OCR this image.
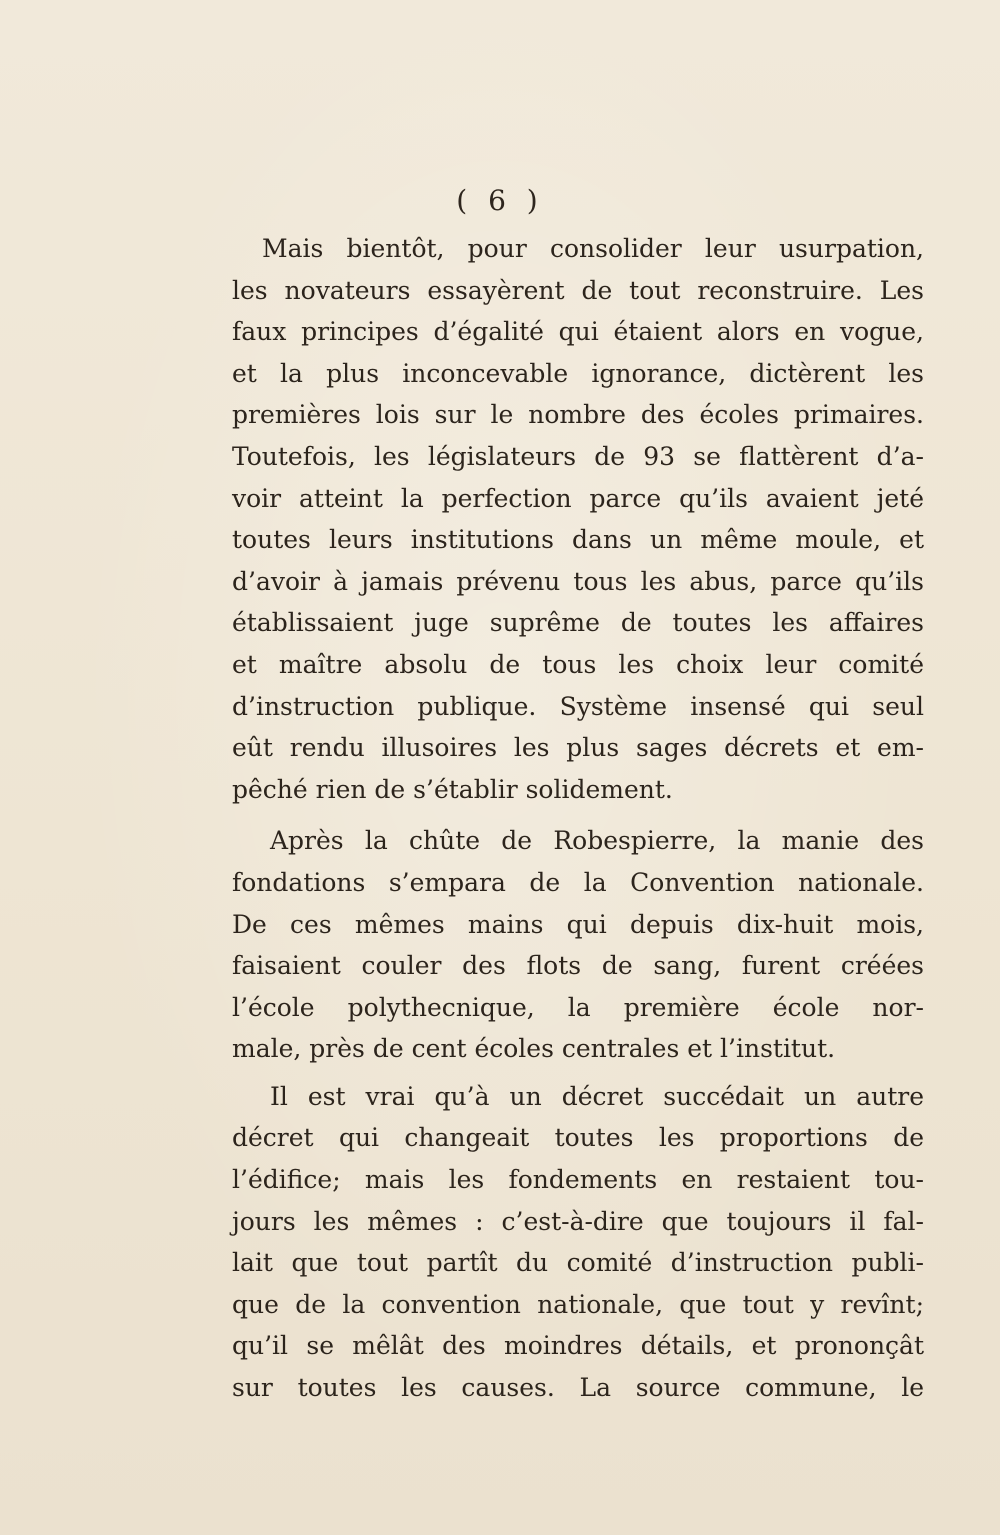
( 6 )
Mais bientôt, pour consolider leur usurpation,
les novateurs essayèrent de tout reconstruire. Les
faux principes d’égalité qui étaient alors en vogue,
et la plus inconcevable ignorance, dictèrent les
premières lois sur le nombre des écoles primaires.
Toutefois, les législateurs de 93 se flattèrent d’a-
voir atteint la perfection parce qu’ils avaient jeté
toutes leurs institutions dans un même moule, et
d’avoir à jamais prévenu tous les abus, parce qu’ils
établissaient juge suprême de toutes les affaires
et maître absolu de tous les choix leur comité
d’instruction publique. Système insensé qui seul
eût rendu illusoires les plus sages décrets et em-
pêché rien de s’établir solidement.
Après la chûte de Robespierre, la manie des
fondations s’empara de la Convention nationale.
De ces mêmes mains qui depuis dix-huit mois,
faisaient couler des flots de sang, furent créées
l’école polythecnique, la première école nor-
male, près de cent écoles centrales et l’institut.
Il est vrai qu’à un décret succédait un autre
décret qui changeait toutes les proportions de
l’édifice; mais les fondements en restaient tou-
jours les mêmes : c’est-à-dire que toujours il fal-
lait que tout partît du comité d’instruction publi-
que de la convention nationale, que tout y revînt;
qu’il se mêlât des moindres détails, et prononçât
sur toutes les causes. La source commune, le
